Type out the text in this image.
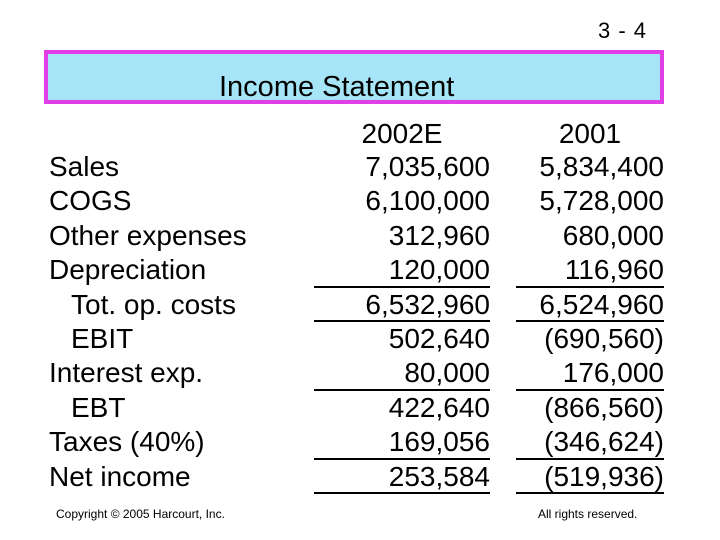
3 - 4
Income Statement
2002E	2001
Sales
COGS
Other expenses
Depreciation
Tot. op. costs
EBIT
Interest exp.
EBT
Taxes (40%)
Net income
7,035,600
6,100,000
312,960
120,000
6,532,960
502,640
80,000
422,640
169,056
253,584
5,834,400
5,728,000
680,000
116,960
6,524,960
(690,560)
176,000
(866,560)
(346,624)
(519,936)
Copyright © 2005 Harcourt, Inc.	All rights reserved.
